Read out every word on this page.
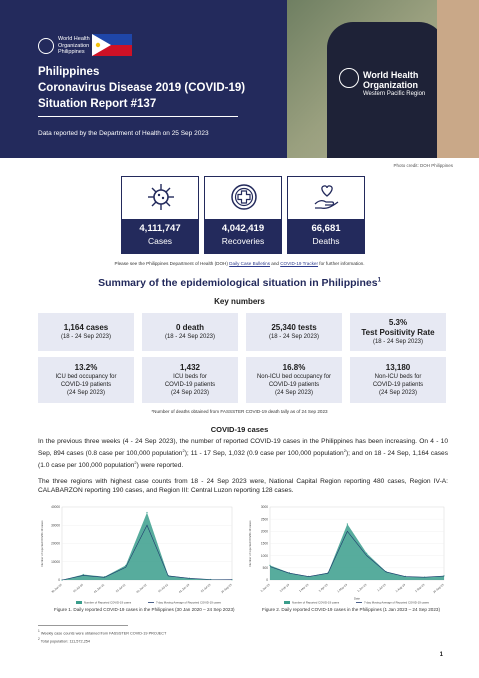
World Health
Organization
Western Pacific Region
World Health
Organization
Philippines
Philippines
Coronavirus Disease 2019 (COVID-19)
Situation Report #137
Data reported by the Department of Health on 25 Sep 2023
Photo credit: DOH Philippines
4,111,747
Cases
4,042,419
Recoveries
66,681
Deaths
Please see the Philippines Department of Health (DOH) Daily Case Bulletins and COVID-19 Tracker for further information.
Summary of the epidemiological situation in Philippines$^1$
Key numbers
1,164 cases
(18 - 24 Sep 2023)
0 death
(18 - 24 Sep 2023)
25,340 tests
(18 - 24 Sep 2023)
5.3%
Test Positivity Rate
(18 - 24 Sep 2023)
13.2%
ICU bed occupancy for
COVID-19 patients
(24 Sep 2023)
1,432
ICU beds for
COVID-19 patients
(24 Sep 2023)
16.8%
Non-ICU bed occupancy for
COVID-19 patients
(24 Sep 2023)
13,180
Non-ICU beds for
COVID-19 patients
(24 Sep 2023)
*Number of deaths obtained from FASSSTER COVID-19 death tally as of 24 Sep 2023
COVID-19 cases
In the previous three weeks (4 - 24 Sep 2023), the number of reported COVID-19 cases in the Philippines has been increasing. On 4 - 10 Sep, 894 cases (0.8 case per 100,000 population$^2$); 11 - 17 Sep, 1,032 (0.9 case per 100,000 population$^2$); and on 18 - 24 Sep, 1,164 cases (1.0 case per 100,000 population$^2$) were reported.
The three regions with highest case counts from 18 - 24 Sep 2023 were, National Capital Region reporting 480 cases, Region IV-A: CALABARZON reporting 190 cases, and Region III: Central Luzon reporting 128 cases.
0
10000
20000
30000
40000
30-Jan-20	01-Jul-20	01-Jan-21	01-Jul-21	01-Jan-22	01-Jul-22	01-Jan-23	01-Jul-23	24-Sep-23
Number of reported COVID-19 cases
Number of Reported COVID-19 cases	7-day Moving Average of Reported COVID-19 cases
0
500
1000
1500
2000
2500
3000
1-Jan-23	1-Feb-23	1-Mar-23	1-Apr-23	1-May-23	1-Jun-23	1-Jul-23	1-Aug-23	1-Sep-23 24-Sep-23
Number of reported COVID-19 cases
Date
Number of Reported COVID-19 cases	7-day Moving Average of Reported COVID-19 cases
Figure 1. Daily reported COVID-19 cases in the Philippines (30 Jan 2020 – 24 Sep 2023)	Figure 2. Daily reported COVID-19 cases in the Philippines (1 Jan 2023 – 24 Sep 2023)
$^1$ Weekly case counts were obtained from FASSSTER COVID-19 PROJECT
$^2$ Total population: 111,572,254
1
